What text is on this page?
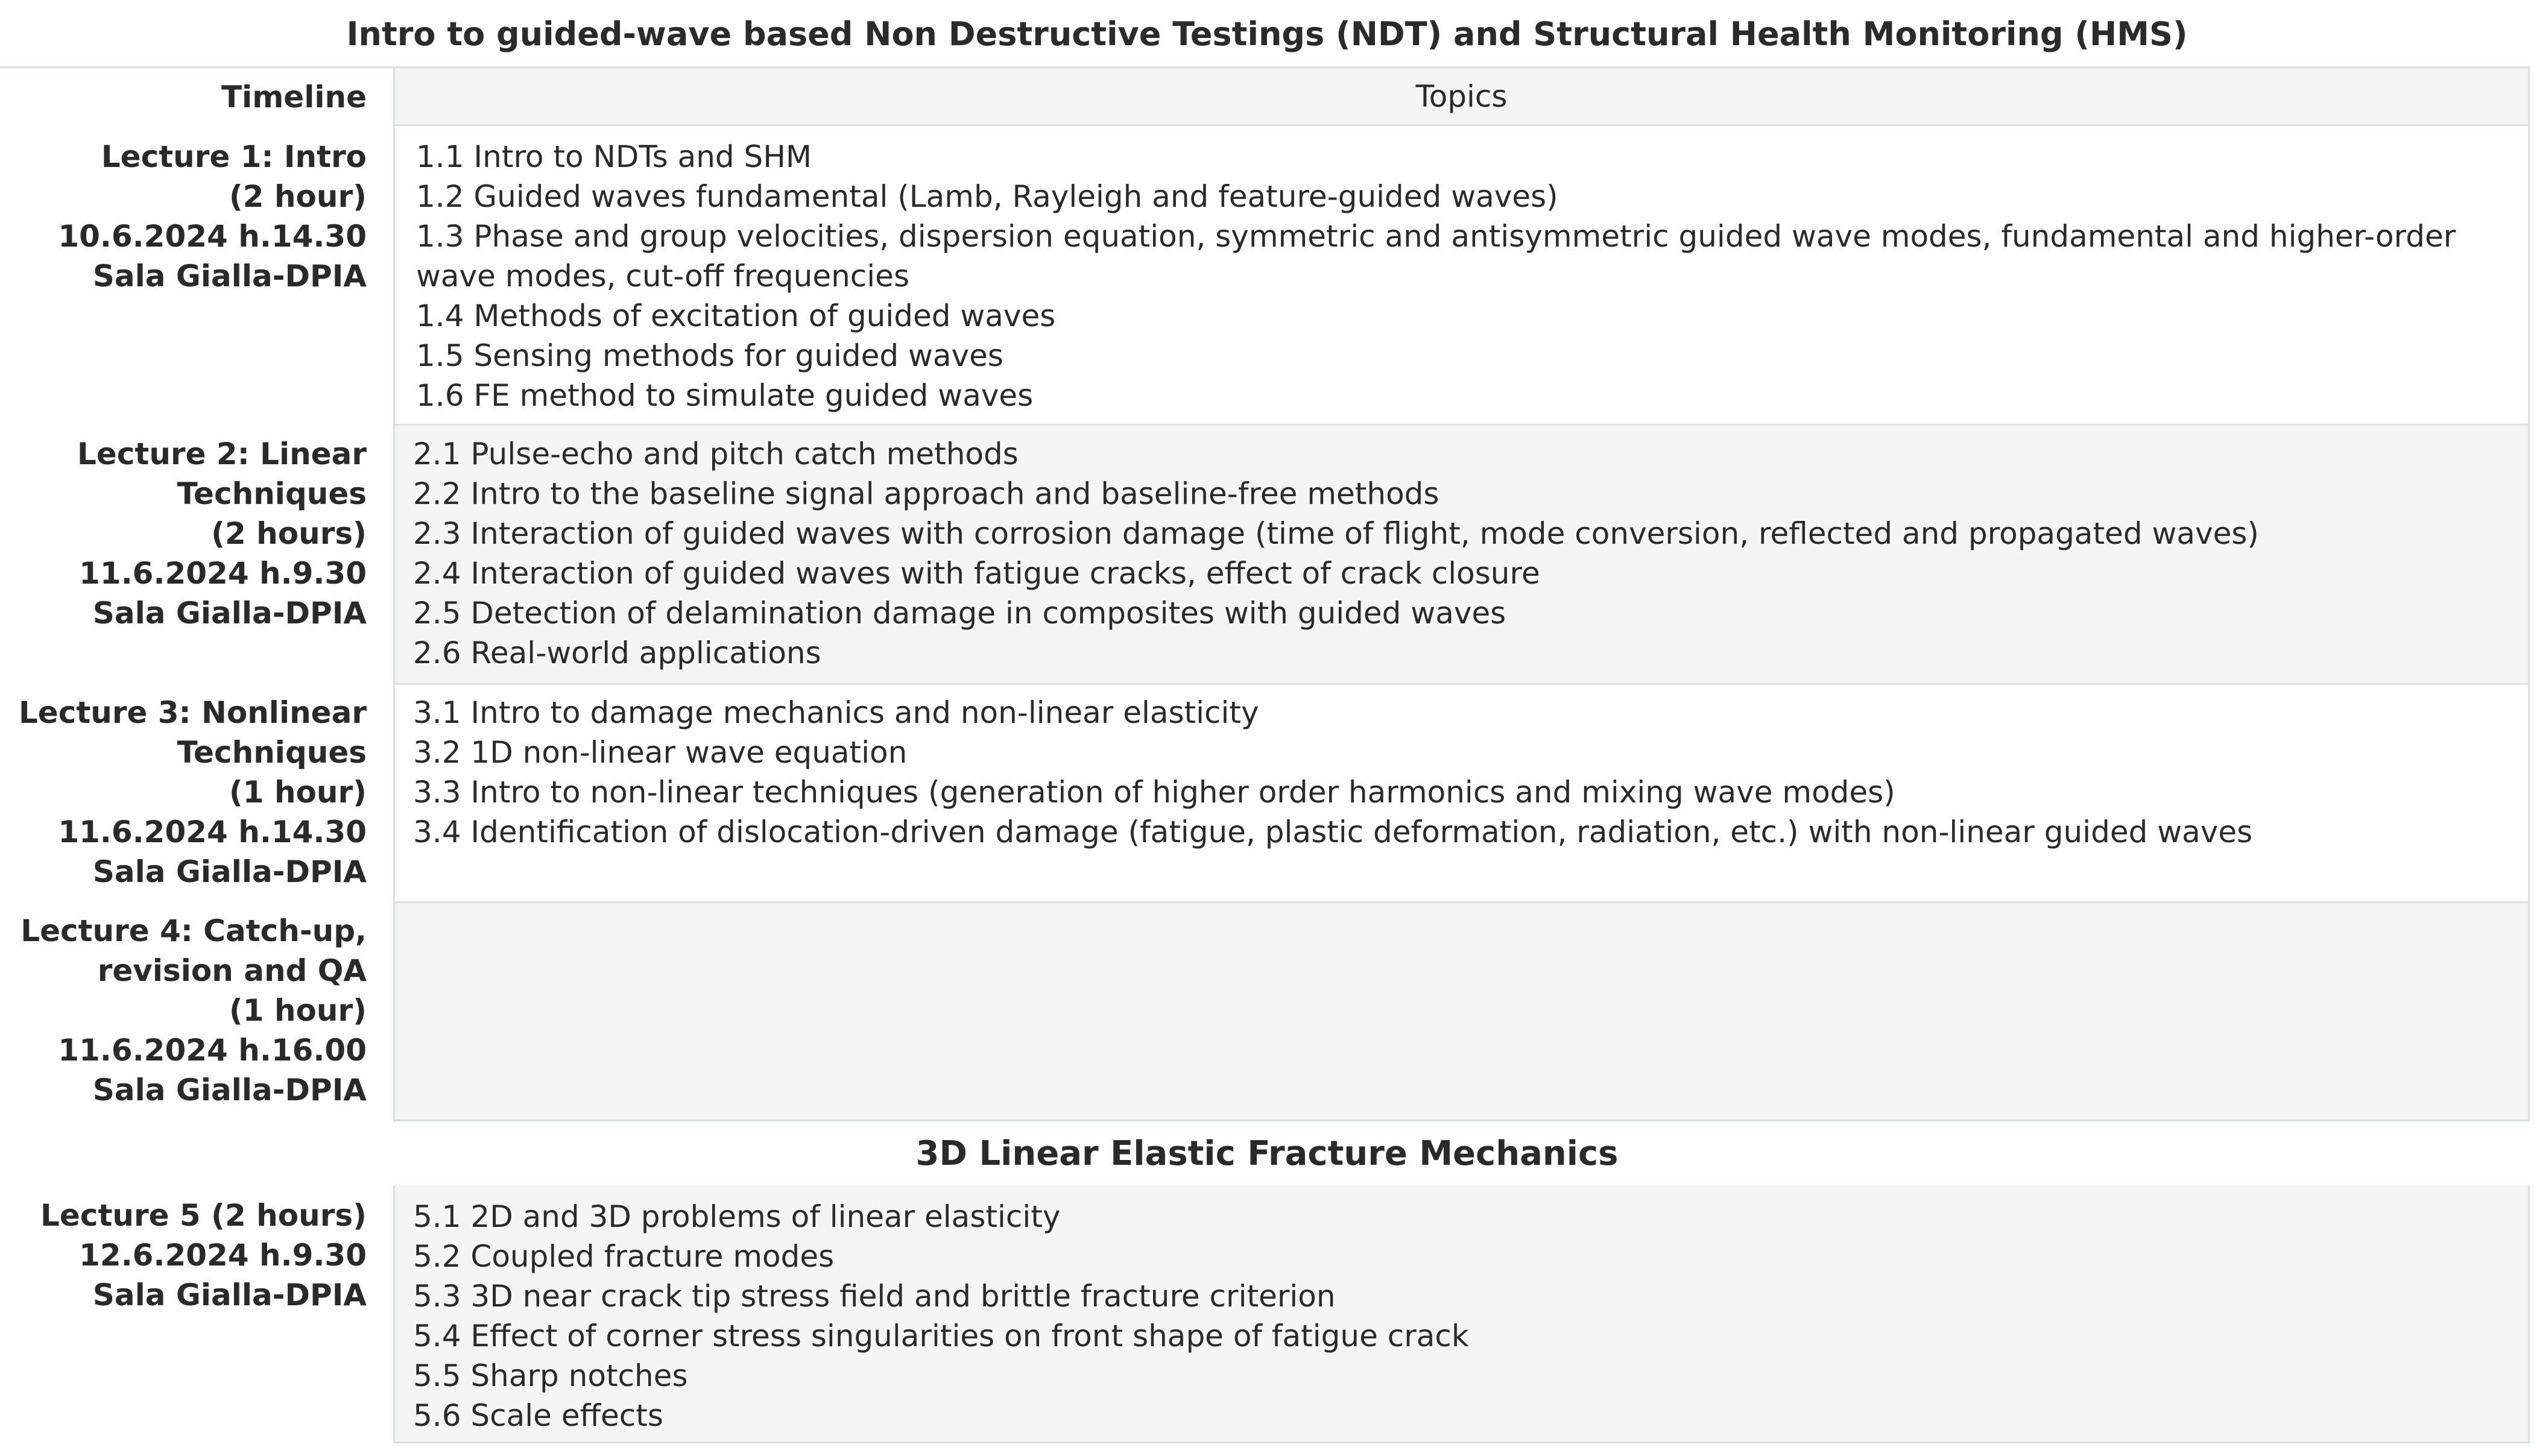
Intro to guided-wave based Non Destructive Testings (NDT) and Structural Health Monitoring (HMS)
Timeline	Topics
Lecture 1: Intro
(2 hour)
10.6.2024 h.14.30
Sala Gialla-DPIA
1.1 Intro to NDTs and SHM
1.2 Guided waves fundamental (Lamb, Rayleigh and feature-guided waves)
1.3 Phase and group velocities, dispersion equation, symmetric and antisymmetric guided wave modes, fundamental and higher-order wave modes, cut-off frequencies
1.4 Methods of excitation of guided waves
1.5 Sensing methods for guided waves
1.6 FE method to simulate guided waves
Lecture 2: Linear
Techniques
(2 hours)
11.6.2024 h.9.30
Sala Gialla-DPIA
2.1 Pulse-echo and pitch catch methods
2.2 Intro to the baseline signal approach and baseline-free methods
2.3 Interaction of guided waves with corrosion damage (time of flight, mode conversion, reflected and propagated waves)
2.4 Interaction of guided waves with fatigue cracks, effect of crack closure
2.5 Detection of delamination damage in composites with guided waves
2.6 Real-world applications
Lecture 3: Nonlinear
Techniques
(1 hour)
11.6.2024 h.14.30
Sala Gialla-DPIA
3.1 Intro to damage mechanics and non-linear elasticity
3.2 1D non-linear wave equation
3.3 Intro to non-linear techniques (generation of higher order harmonics and mixing wave modes)
3.4 Identification of dislocation-driven damage (fatigue, plastic deformation, radiation, etc.) with non-linear guided waves
Lecture 4: Catch-up,
revision and QA
(1 hour)
11.6.2024 h.16.00
Sala Gialla-DPIA
3D Linear Elastic Fracture Mechanics
Lecture 5 (2 hours)
12.6.2024 h.9.30
Sala Gialla-DPIA
5.1 2D and 3D problems of linear elasticity
5.2 Coupled fracture modes
5.3 3D near crack tip stress field and brittle fracture criterion
5.4 Effect of corner stress singularities on front shape of fatigue crack
5.5 Sharp notches
5.6 Scale effects
